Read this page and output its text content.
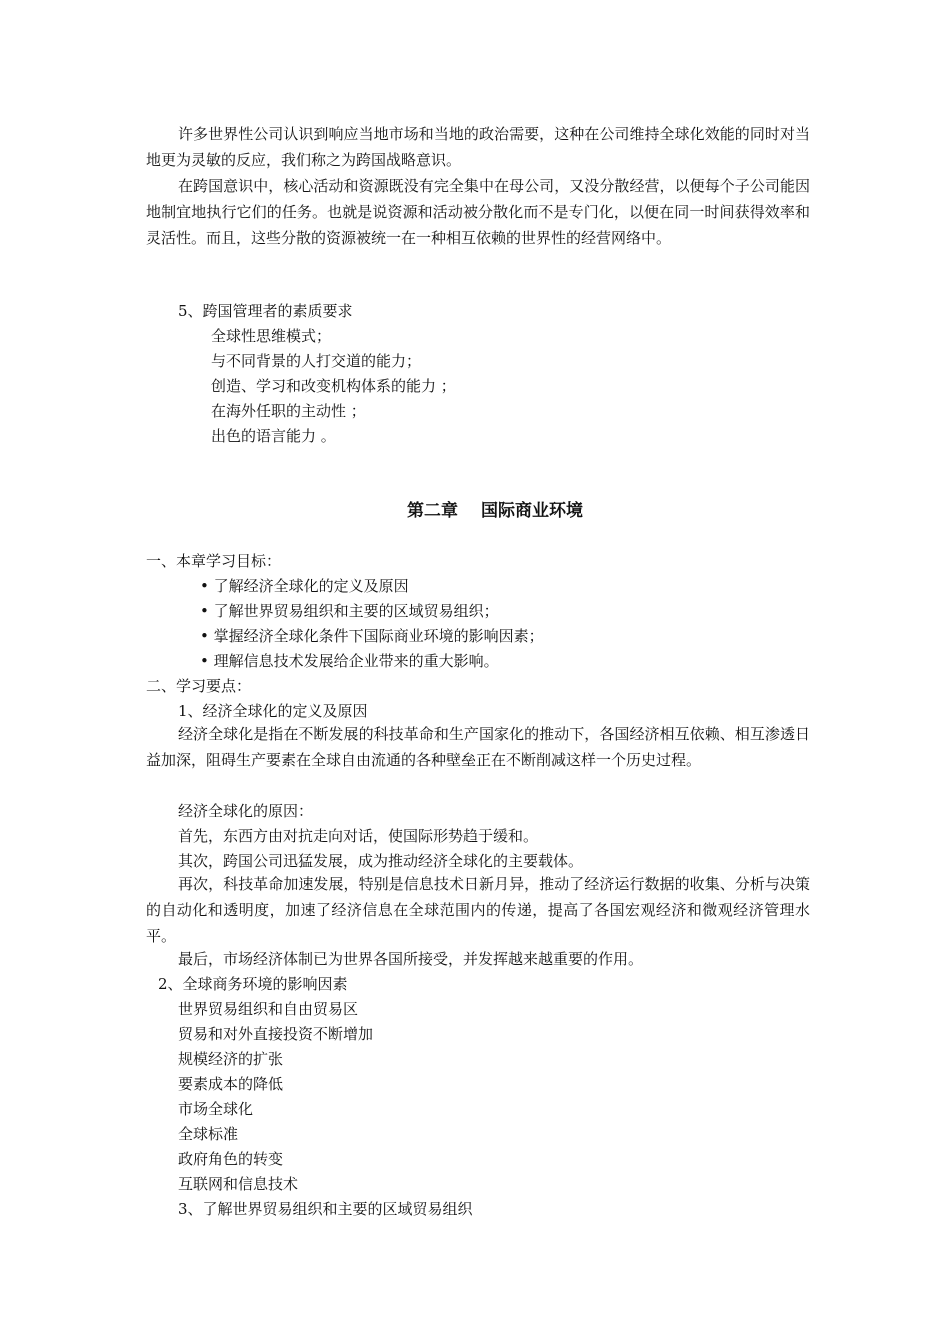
许多世界性公司认识到响应当地市场和当地的政治需要，这种在公司维持全球化效能的同时对当地更为灵敏的反应，我们称之为跨国战略意识。

在跨国意识中，核心活动和资源既没有完全集中在母公司，又没分散经营，以便每个子公司能因地制宜地执行它们的任务。也就是说资源和活动被分散化而不是专门化，以便在同一时间获得效率和灵活性。而且，这些分散的资源被统一在一种相互依赖的世界性的经营网络中。

5、跨国管理者的素质要求
全球性思维模式；
与不同背景的人打交道的能力；
创造、学习和改变机构体系的能力 ；
在海外任职的主动性 ；
出色的语言能力 。
第二章　 国际商业环境
一、本章学习目标：
• 了解经济全球化的定义及原因
• 了解世界贸易组织和主要的区域贸易组织；
• 掌握经济全球化条件下国际商业环境的影响因素；
• 理解信息技术发展给企业带来的重大影响。
二、学习要点：
1、经济全球化的定义及原因

经济全球化是指在不断发展的科技革命和生产国家化的推动下，各国经济相互依赖、相互渗透日益加深，阻碍生产要素在全球自由流通的各种壁垒正在不断削减这样一个历史过程。

经济全球化的原因：
首先，东西方由对抗走向对话，使国际形势趋于缓和。
其次，跨国公司迅猛发展，成为推动经济全球化的主要载体。

再次，科技革命加速发展，特别是信息技术日新月异，推动了经济运行数据的收集、分析与决策的自动化和透明度，加速了经济信息在全球范围内的传递，提高了各国宏观经济和微观经济管理水平。

最后，市场经济体制已为世界各国所接受，并发挥越来越重要的作用。
2、全球商务环境的影响因素
世界贸易组织和自由贸易区
贸易和对外直接投资不断增加
规模经济的扩张
要素成本的降低
市场全球化
全球标准
政府角色的转变
互联网和信息技术
3、了解世界贸易组织和主要的区域贸易组织
